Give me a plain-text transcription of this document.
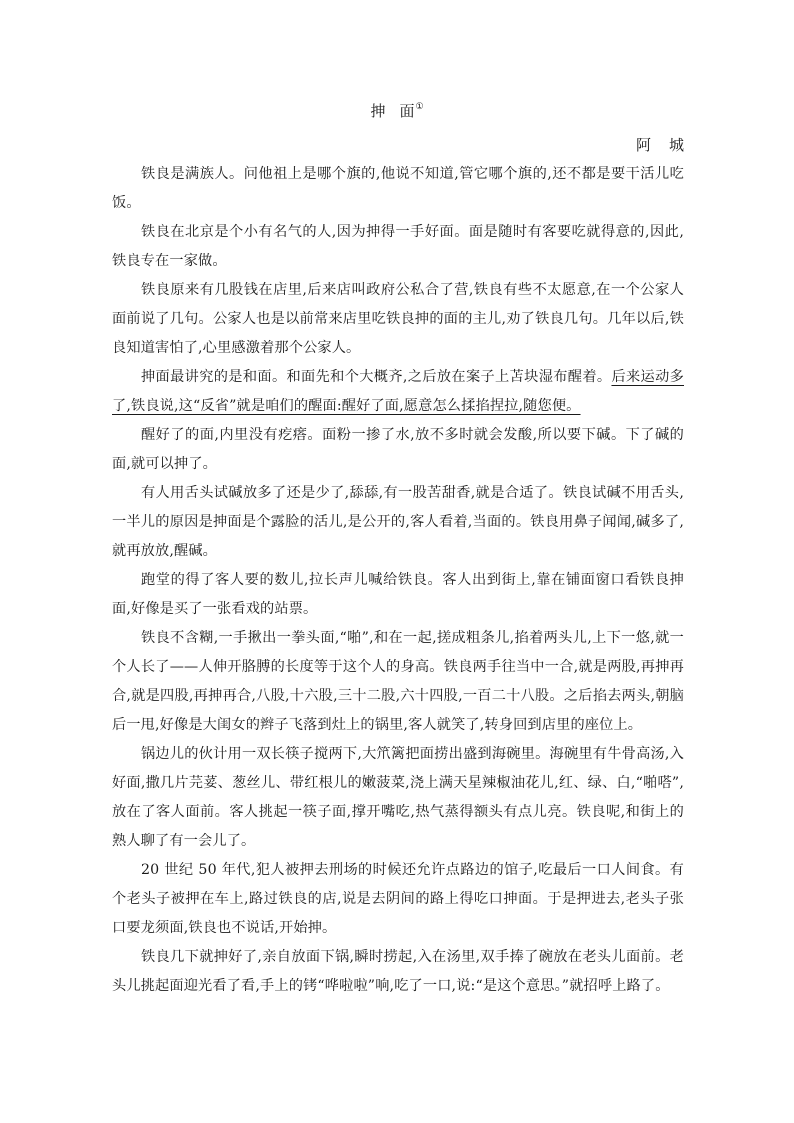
抻 面①
阿 城

铁良是满族人。问他祖上是哪个旗的,他说不知道,管它哪个旗的,还不都是要干活儿吃饭。

铁良在北京是个小有名气的人,因为抻得一手好面。面是随时有客要吃就得意的,因此,铁良专在一家做。

铁良原来有几股钱在店里,后来店叫政府公私合了营,铁良有些不太愿意,在一个公家人面前说了几句。公家人也是以前常来店里吃铁良抻的面的主儿,劝了铁良几句。几年以后,铁良知道害怕了,心里感激着那个公家人。

抻面最讲究的是和面。和面先和个大概齐,之后放在案子上苫块湿布醒着。后来运动多了,铁良说,这“反省”就是咱们的醒面:醒好了面,愿意怎么揉掐捏拉,随您便。

醒好了的面,内里没有疙瘩。面粉一掺了水,放不多时就会发酸,所以要下碱。下了碱的面,就可以抻了。

有人用舌头试碱放多了还是少了,舔舔,有一股苦甜香,就是合适了。铁良试碱不用舌头,一半儿的原因是抻面是个露脸的活儿,是公开的,客人看着,当面的。铁良用鼻子闻闻,碱多了,就再放放,醒碱。

跑堂的得了客人要的数儿,拉长声儿喊给铁良。客人出到街上,靠在铺面窗口看铁良抻面,好像是买了一张看戏的站票。

铁良不含糊,一手揪出一拳头面,“啪”,和在一起,搓成粗条儿,掐着两头儿,上下一悠,就一个人长了——人伸开胳膊的长度等于这个人的身高。铁良两手往当中一合,就是两股,再抻再合,就是四股,再抻再合,八股,十六股,三十二股,六十四股,一百二十八股。之后掐去两头,朝脑后一甩,好像是大闺女的辫子飞落到灶上的锅里,客人就笑了,转身回到店里的座位上。

锅边儿的伙计用一双长筷子搅两下,大笊篱把面捞出盛到海碗里。海碗里有牛骨高汤,入好面,撒几片芫荽、葱丝儿、带红根儿的嫩菠菜,浇上满天星辣椒油花儿,红、绿、白,“啪嗒”,放在了客人面前。客人挑起一筷子面,撑开嘴吃,热气蒸得额头有点儿亮。铁良呢,和街上的熟人聊了有一会儿了。

20 世纪 50 年代,犯人被押去刑场的时候还允许点路边的馆子,吃最后一口人间食。有个老头子被押在车上,路过铁良的店,说是去阴间的路上得吃口抻面。于是押进去,老头子张口要龙须面,铁良也不说话,开始抻。

铁良几下就抻好了,亲自放面下锅,瞬时捞起,入在汤里,双手捧了碗放在老头儿面前。老头儿挑起面迎光看了看,手上的铐“哗啦啦”响,吃了一口,说:“是这个意思。”就招呼上路了。
